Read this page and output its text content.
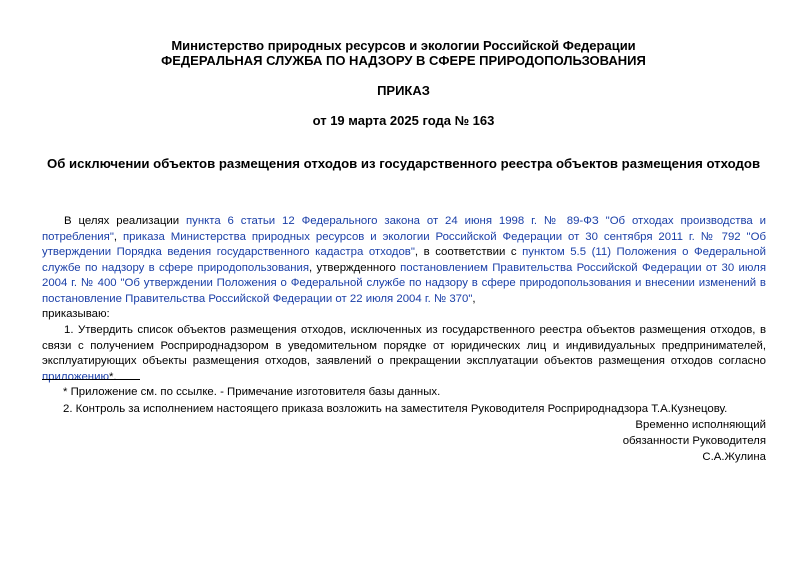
Министерство природных ресурсов и экологии Российской Федерации
ФЕДЕРАЛЬНАЯ СЛУЖБА ПО НАДЗОРУ В СФЕРЕ ПРИРОДОПОЛЬЗОВАНИЯ
ПРИКАЗ
от 19 марта 2025 года № 163
Об исключении объектов размещения отходов из государственного реестра объектов размещения отходов
В целях реализации пункта 6 статьи 12 Федерального закона от 24 июня 1998 г. № 89-ФЗ "Об отходах производства и потребления", приказа Министерства природных ресурсов и экологии Российской Федерации от 30 сентября 2011 г. № 792 "Об утверждении Порядка ведения государственного кадастра отходов", в соответствии с пунктом 5.5 (11) Положения о Федеральной службе по надзору в сфере природопользования, утвержденного постановлением Правительства Российской Федерации от 30 июля 2004 г. № 400 "Об утверждении Положения о Федеральной службе по надзору в сфере природопользования и внесении изменений в постановление Правительства Российской Федерации от 22 июля 2004 г. № 370",
приказываю:
1. Утвердить список объектов размещения отходов, исключенных из государственного реестра объектов размещения отходов, в связи с получением Росприроднадзором в уведомительном порядке от юридических лиц и индивидуальных предпринимателей, эксплуатирующих объекты размещения отходов, заявлений о прекращении эксплуатации объектов размещения отходов согласно приложению*.
* Приложение см. по ссылке. - Примечание изготовителя базы данных.
2. Контроль за исполнением настоящего приказа возложить на заместителя Руководителя Росприроднадзора Т.А.Кузнецову.
Временно исполняющий
обязанности Руководителя
С.А.Жулина
